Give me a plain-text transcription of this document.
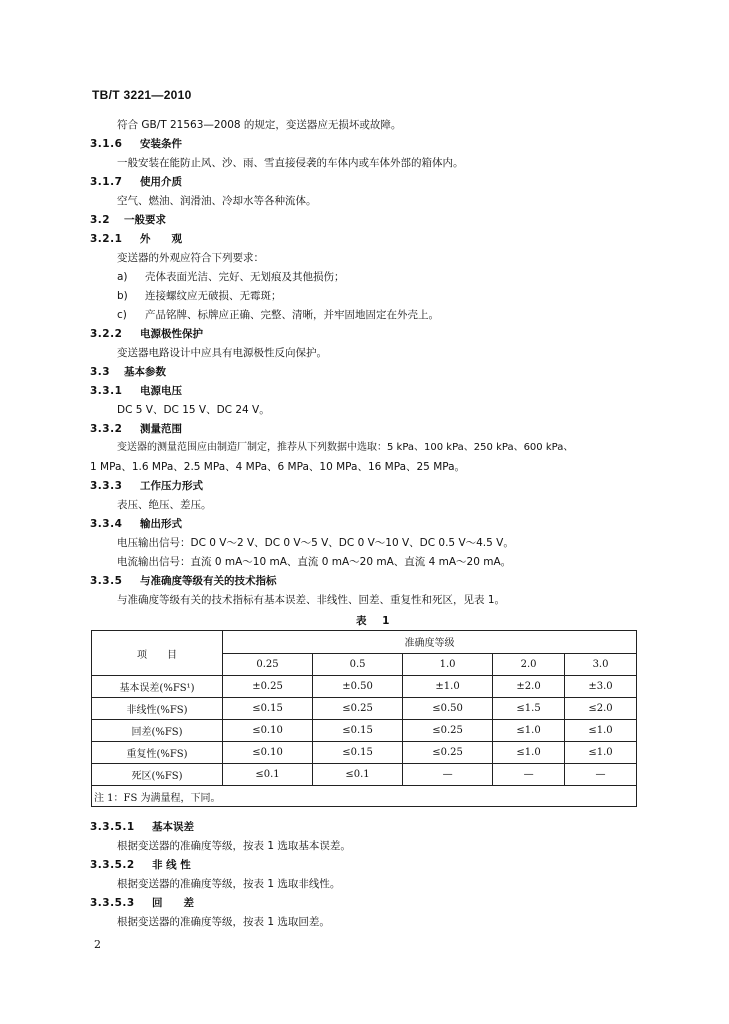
TB/T 3221—2010
符合 GB/T 21563—2008 的规定，变送器应无损坏或故障。
3.1.6 安装条件
一般安装在能防止风、沙、雨、雪直接侵袭的车体内或车体外部的箱体内。
3.1.7 使用介质
空气、燃油、润滑油、冷却水等各种流体。
3.2 一般要求
3.2.1 外　　观
变送器的外观应符合下列要求：
a) 壳体表面光洁、完好、无划痕及其他损伤；
b) 连接螺纹应无破损、无霉斑；
c) 产品铭牌、标牌应正确、完整、清晰，并牢固地固定在外壳上。
3.2.2 电源极性保护
变送器电路设计中应具有电源极性反向保护。
3.3 基本参数
3.3.1 电源电压
DC 5 V、DC 15 V、DC 24 V。
3.3.2 测量范围
变送器的测量范围应由制造厂制定，推荐从下列数据中选取：5 kPa、100 kPa、250 kPa、600 kPa、
1 MPa、1.6 MPa、2.5 MPa、4 MPa、6 MPa、10 MPa、16 MPa、25 MPa。
3.3.3 工作压力形式
表压、绝压、差压。
3.3.4 输出形式
电压输出信号：DC 0 V～2 V、DC 0 V～5 V、DC 0 V～10 V、DC 0.5 V～4.5 V。
电流输出信号：直流 0 mA～10 mA、直流 0 mA～20 mA、直流 4 mA～20 mA。
3.3.5 与准确度等级有关的技术指标
与准确度等级有关的技术指标有基本误差、非线性、回差、重复性和死区，见表 1。
表 1
项　　目	准确度等级				
	0.25	0.5	1.0	2.0	3.0
基本误差(%FS¹)	±0.25	±0.50	±1.0	±2.0	±3.0
非线性(%FS)	≤0.15	≤0.25	≤0.50	≤1.5	≤2.0
回差(%FS)	≤0.10	≤0.15	≤0.25	≤1.0	≤1.0
重复性(%FS)	≤0.10	≤0.15	≤0.25	≤1.0	≤1.0
死区(%FS)	≤0.1	≤0.1	—	—	—
注 1：FS 为满量程，下同。					
3.3.5.1 基本误差
根据变送器的准确度等级，按表 1 选取基本误差。
3.3.5.2 非 线 性
根据变送器的准确度等级，按表 1 选取非线性。
3.3.5.3 回　　差
根据变送器的准确度等级，按表 1 选取回差。
2
